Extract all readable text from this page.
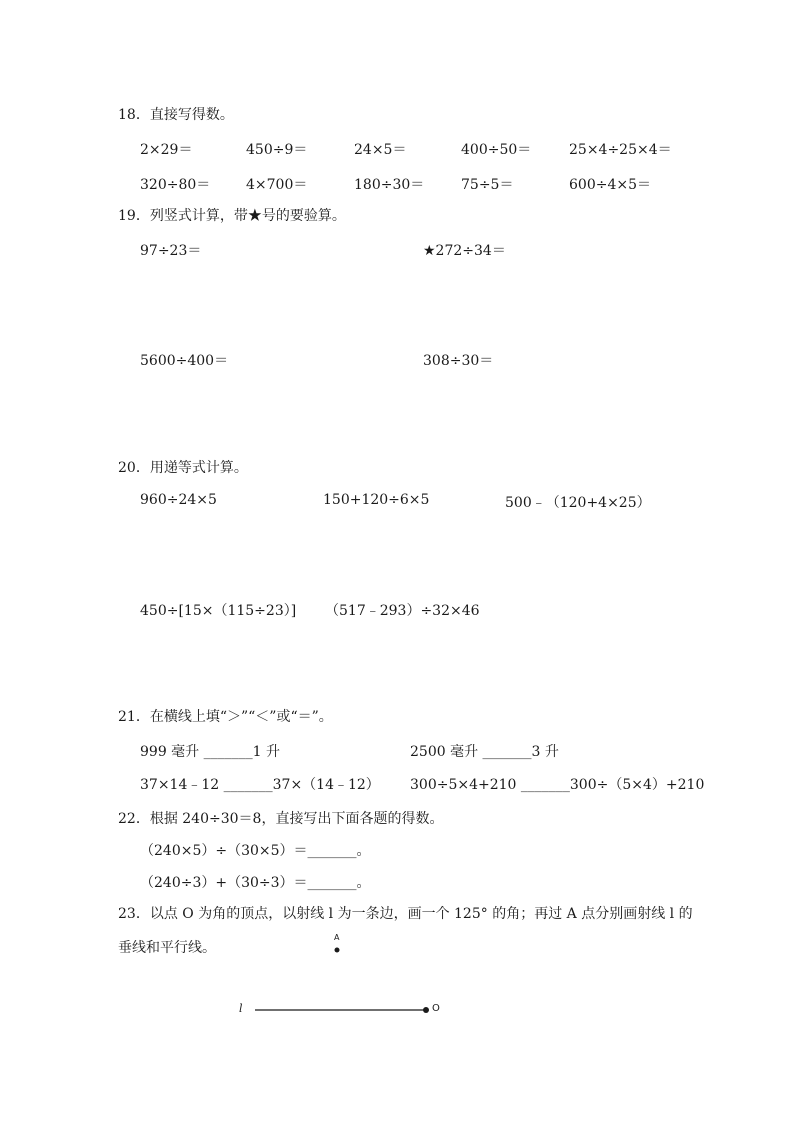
18．直接写得数。
2×29＝	450÷9＝	24×5＝	400÷50＝	25×4÷25×4＝
320÷80＝	4×700＝	180÷30＝	75÷5＝	600÷4×5＝
19．列竖式计算，带★号的要验算。
97÷23＝	★272÷34＝
5600÷400＝	308÷30＝
20．用递等式计算。
960÷24×5	150+120÷6×5	500﹣（120+4×25）
450÷[15×（115÷23）] （517﹣293）÷32×46
21．在横线上填“＞”“＜”或“＝”。
999 毫升 _______1 升	2500 毫升 _______3 升
37×14﹣12 _______37×（14﹣12） 300÷5×4+210 _______300÷（5×4）+210
22．根据 240÷30＝8，直接写出下面各题的得数。
（240×5）÷（30×5）＝_______。
（240÷3）+（30÷3）＝_______。
23．以点 O 为角的顶点，以射线 l 为一条边，画一个 125° 的角；再过 A 点分别画射线 l 的
垂线和平行线。
A
l	O
